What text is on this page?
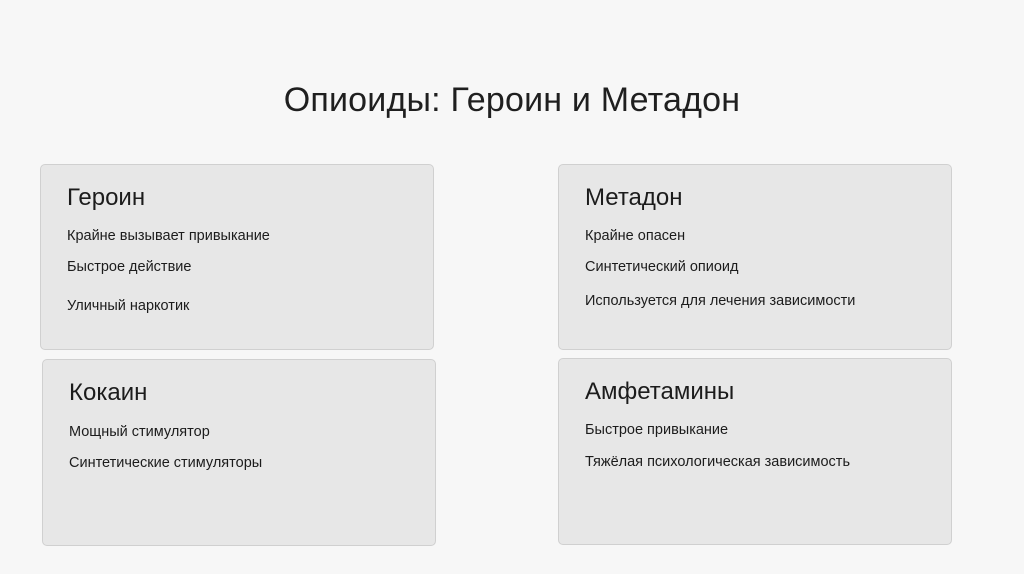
Опиоиды: Героин и Метадон
Героин
Крайне вызывает привыкание
Быстрое действие
Уличный наркотик
Метадон
Крайне опасен
Синтетический опиоид
Используется для лечения зависимости
Кокаин
Мощный стимулятор
Синтетические стимуляторы
Амфетамины
Быстрое привыкание
Тяжёлая психологическая зависимость
